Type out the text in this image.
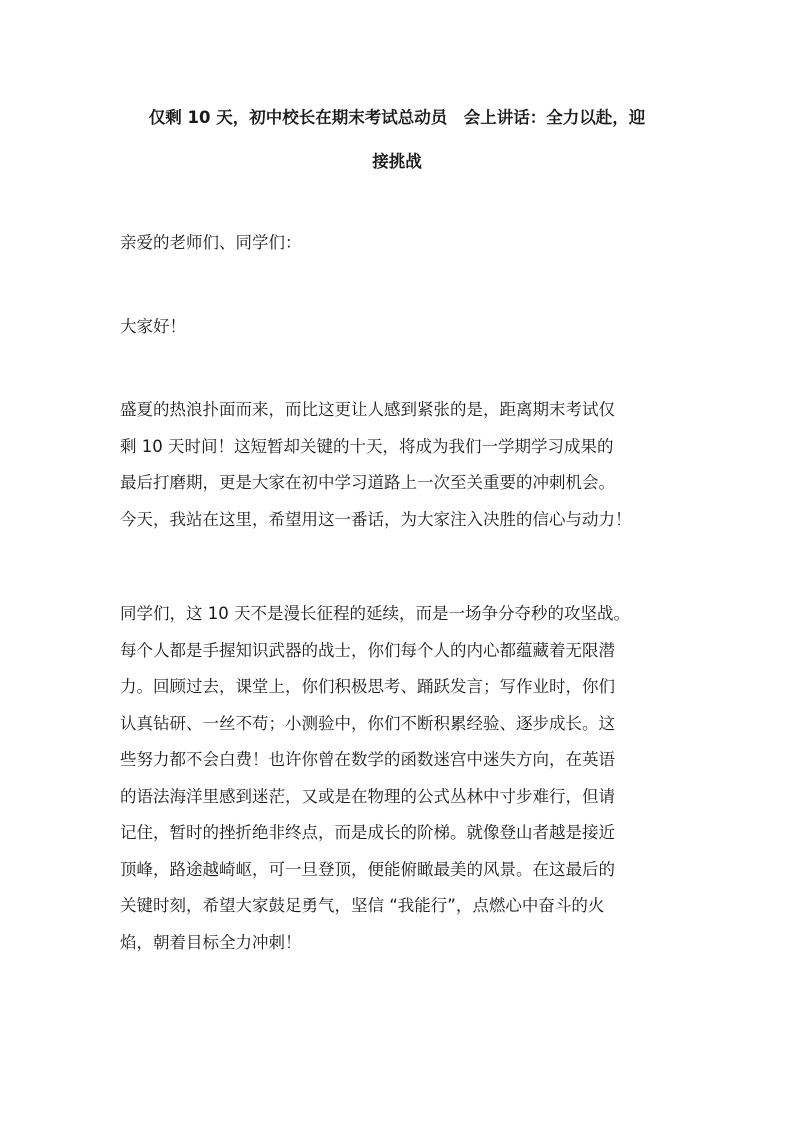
仅剩 10 天，初中校长在期末考试总动员　会上讲话：全力以赴，迎
接挑战
亲爱的老师们、同学们：
大家好！
盛夏的热浪扑面而来，而比这更让人感到紧张的是，距离期末考试仅
剩 10 天时间！这短暂却关键的十天，将成为我们一学期学习成果的
最后打磨期，更是大家在初中学习道路上一次至关重要的冲刺机会。
今天，我站在这里，希望用这一番话，为大家注入决胜的信心与动力！
同学们，这 10 天不是漫长征程的延续，而是一场争分夺秒的攻坚战。
每个人都是手握知识武器的战士，你们每个人的内心都蕴藏着无限潜
力。回顾过去，课堂上，你们积极思考、踊跃发言；写作业时，你们
认真钻研、一丝不苟；小测验中，你们不断积累经验、逐步成长。这
些努力都不会白费！也许你曾在数学的函数迷宫中迷失方向，在英语
的语法海洋里感到迷茫，又或是在物理的公式丛林中寸步难行，但请
记住，暂时的挫折绝非终点，而是成长的阶梯。就像登山者越是接近
顶峰，路途越崎岖，可一旦登顶，便能俯瞰最美的风景。在这最后的
关键时刻，希望大家鼓足勇气，坚信 “我能行”，点燃心中奋斗的火
焰，朝着目标全力冲刺！
